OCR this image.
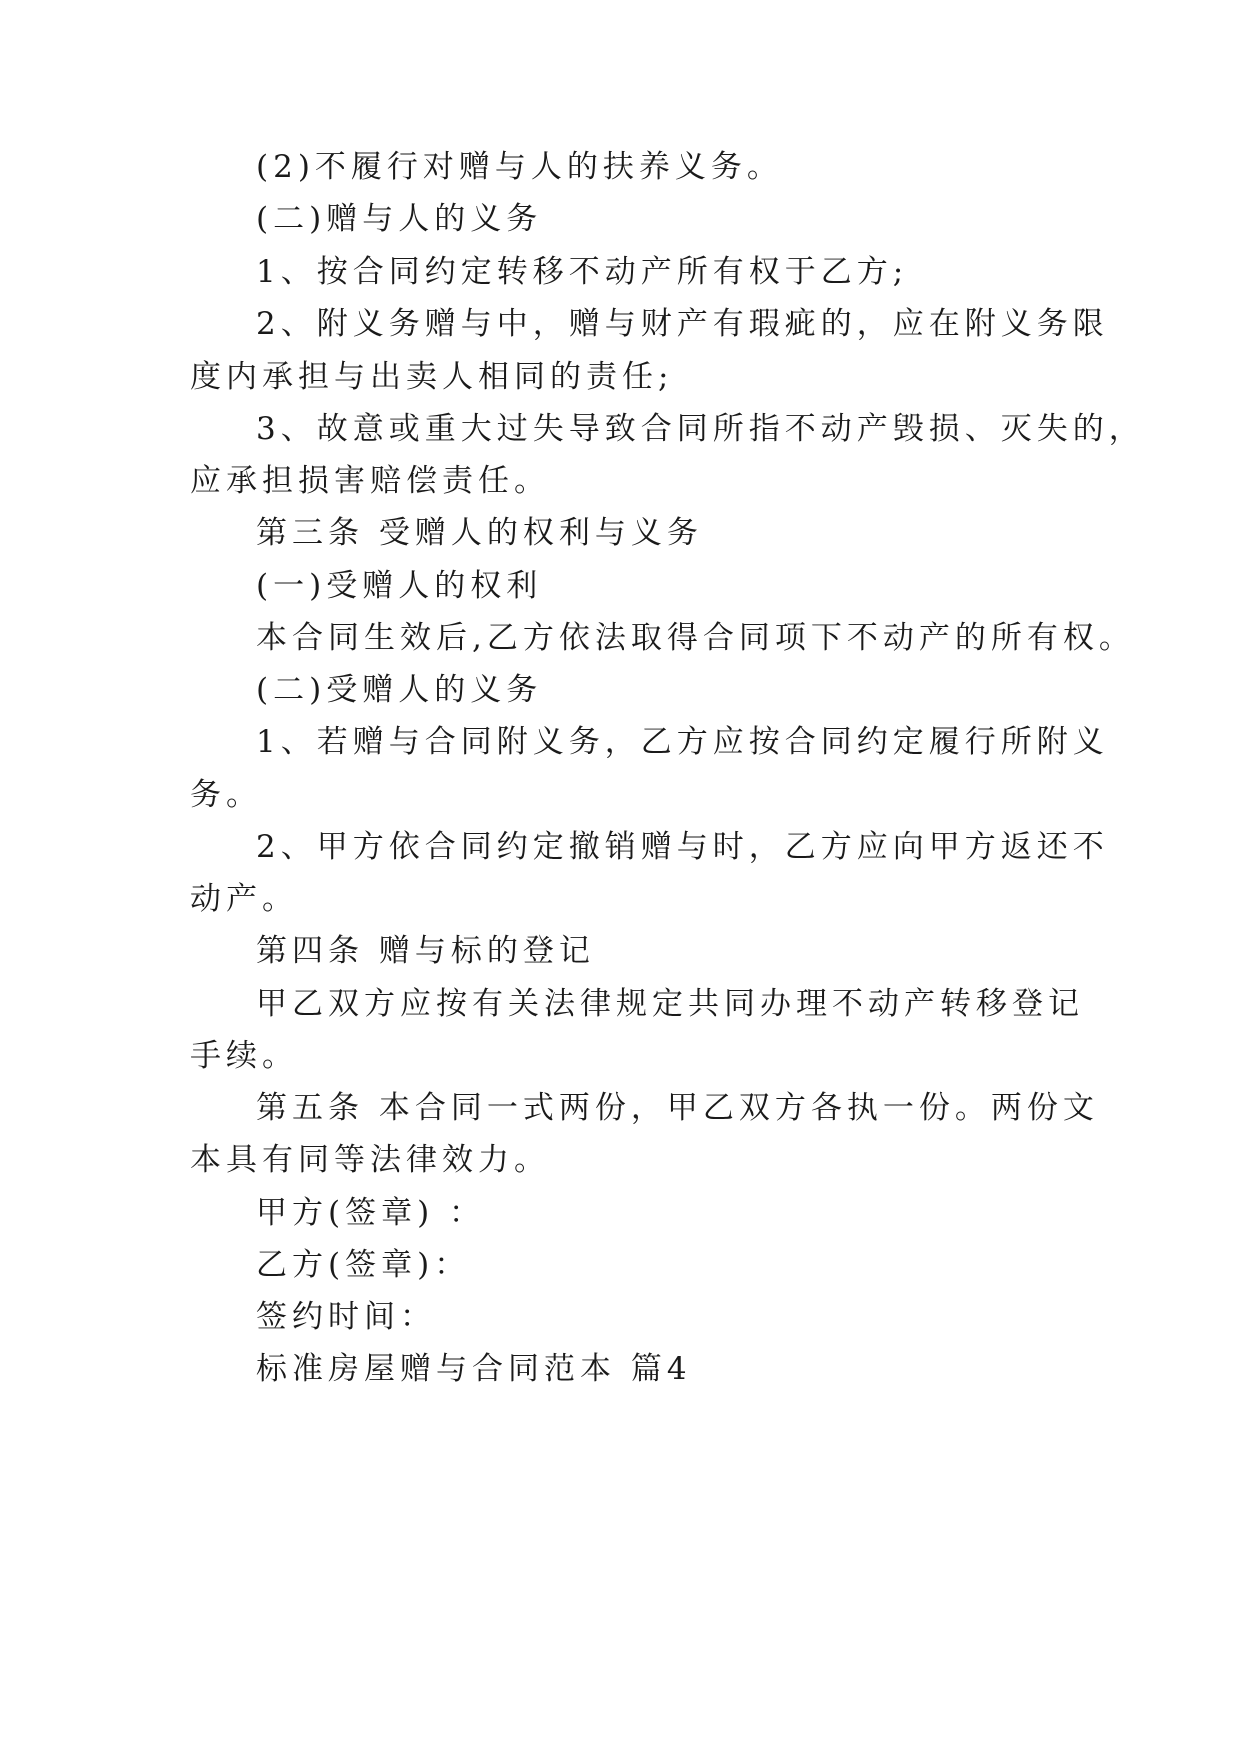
(2)不履行对赠与人的扶养义务。

(二)赠与人的义务

1、按合同约定转移不动产所有权于乙方;

2、附义务赠与中，赠与财产有瑕疵的，应在附义务限

度内承担与出卖人相同的责任;

3、故意或重大过失导致合同所指不动产毁损、灭失的，

应承担损害赔偿责任。

第三条 受赠人的权利与义务

(一)受赠人的权利

本合同生效后,乙方依法取得合同项下不动产的所有权。

(二)受赠人的义务

1、若赠与合同附义务，乙方应按合同约定履行所附义

务。

2、甲方依合同约定撤销赠与时，乙方应向甲方返还不

动产。

第四条 赠与标的登记

甲乙双方应按有关法律规定共同办理不动产转移登记

手续。

第五条 本合同一式两份，甲乙双方各执一份。两份文

本具有同等法律效力。

甲方(签章) ：

乙方(签章)：

签约时间：

标准房屋赠与合同范本 篇4
